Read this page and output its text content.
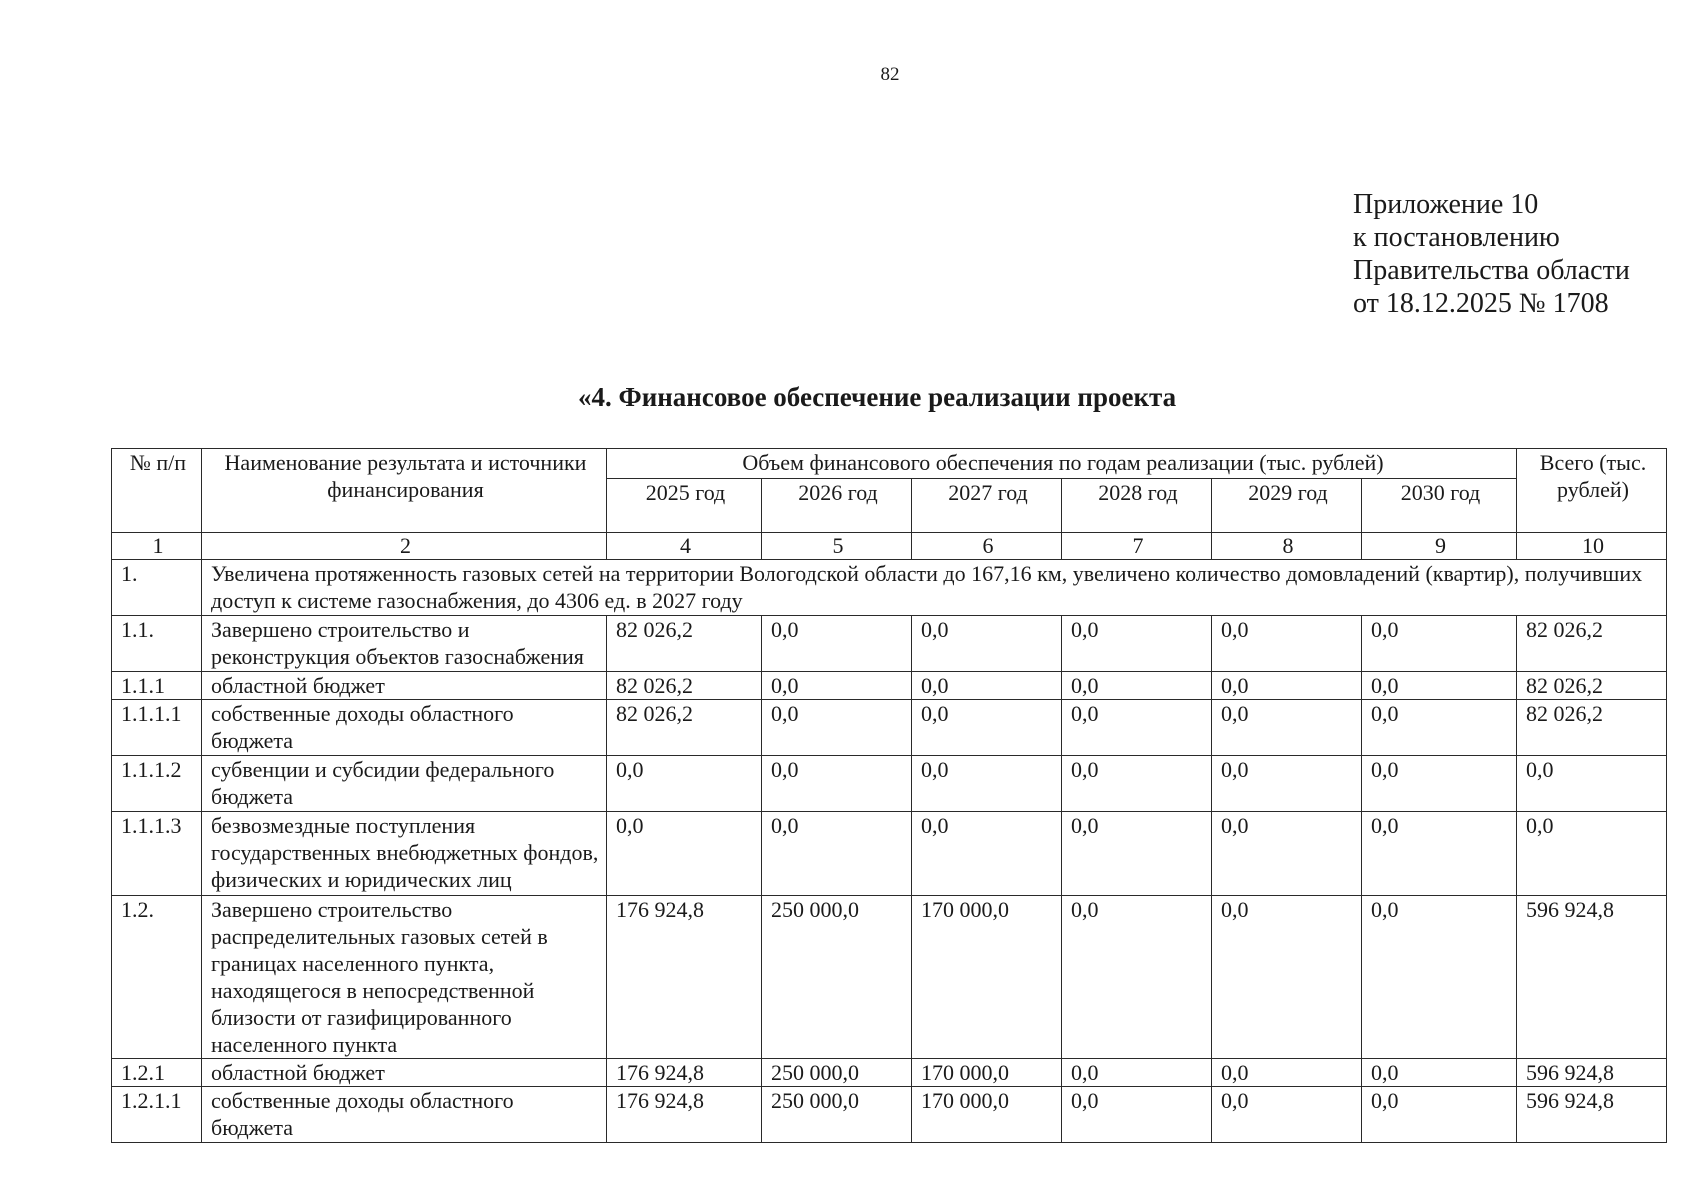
82
Приложение 10
к постановлению
Правительства области
от 18.12.2025 № 1708
«4. Финансовое обеспечение реализации проекта
№ п/п	Наименование результата и источники финансирования	Объем финансового обеспечения по годам реализации (тыс. рублей)						Всего (тыс. рублей)
		2025 год	2026 год	2027 год	2028 год	2029 год	2030 год	
1	2	4	5	6	7	8	9	10
1.	Увеличена протяженность газовых сетей на территории Вологодской области до 167,16 км, увеличено количество домовладений (квартир), получивших доступ к системе газоснабжения, до 4306 ед. в 2027 году							
1.1.	Завершено строительство и реконструкция объектов газоснабжения	82 026,2	0,0	0,0	0,0	0,0	0,0	82 026,2
1.1.1	областной бюджет	82 026,2	0,0	0,0	0,0	0,0	0,0	82 026,2
1.1.1.1	собственные доходы областного бюджета	82 026,2	0,0	0,0	0,0	0,0	0,0	82 026,2
1.1.1.2	субвенции и субсидии федерального бюджета	0,0	0,0	0,0	0,0	0,0	0,0	0,0
1.1.1.3	безвозмездные поступления государственных внебюджетных фондов, физических и юридических лиц	0,0	0,0	0,0	0,0	0,0	0,0	0,0
1.2.	Завершено строительство распределительных газовых сетей в границах населенного пункта, находящегося в непосредственной близости от газифицированного населенного пункта	176 924,8	250 000,0	170 000,0	0,0	0,0	0,0	596 924,8
1.2.1	областной бюджет	176 924,8	250 000,0	170 000,0	0,0	0,0	0,0	596 924,8
1.2.1.1	собственные доходы областного бюджета	176 924,8	250 000,0	170 000,0	0,0	0,0	0,0	596 924,8
